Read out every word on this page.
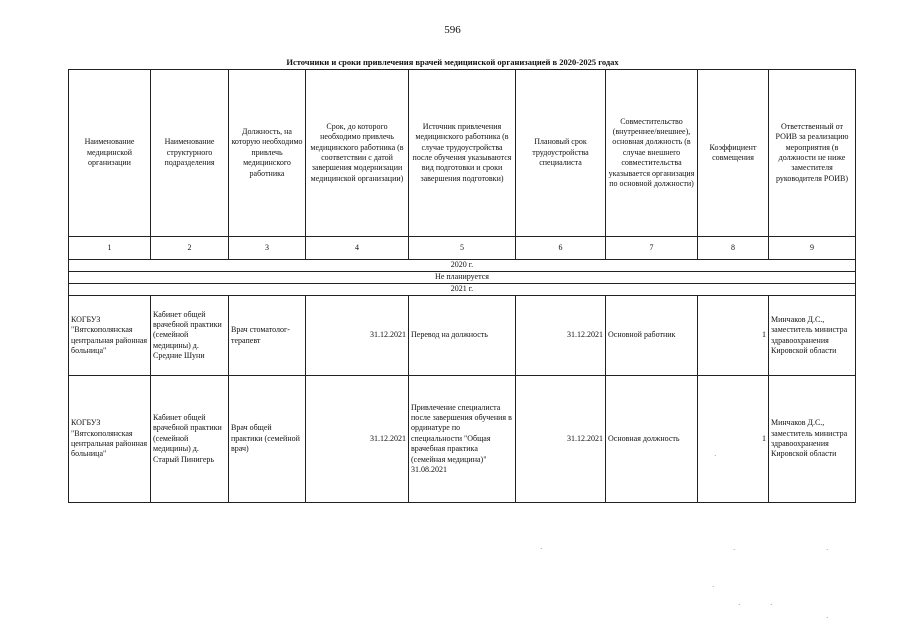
596
Источники и сроки привлечения врачей медицинской организацией в 2020-2025 годах
Наименование медицинской организации	Наименование структурного подразделения	Должность, на которую необходимо привлечь медицинского работника	Срок, до которого необходимо привлечь медицинского работника (в соответствии с датой завершения модернизации медицинской организации)	Источник привлечения медицинского работника (в случае трудоустройства после обучения указываются вид подготовки и сроки завершения подготовки)	Плановый срок трудоустройства специалиста	Совместительство (внутреннее/внешнее), основная должность (в случае внешнего совместительства указывается организация по основной должности)	Коэффициент совмещения	Ответственный от РОИВ за реализацию мероприятия (в должности не ниже заместителя руководителя РОИВ)
1	2	3	4	5	6	7	8	9
2020 г.								
Не планируется								
2021 г.								
КОГБУЗ "Вятскополянская центральная районная больница"	Кабинет общей врачебной практики (семейной медицины) д. Средние Шуни	Врач стоматолог-терапевт	31.12.2021	Перевод на должность	31.12.2021	Основной работник	1	Минчаков Д.С., заместитель министра здравоохранения Кировской области
КОГБУЗ "Вятскополянская центральная районная больница"	Кабинет общей врачебной практики (семейной медицины) д. Старый Пинигерь	Врач общей практики (семейной врач)	31.12.2021	Привлечение специалиста после завершения обучения в ординатуре по специальности "Общая врачебная практика (семейная медицина)" 31.08.2021	31.12.2021	Основная должность	1	Минчаков Д.С., заместитель министра здравоохранения Кировской области
·	·	·
·
·	·
·
·
